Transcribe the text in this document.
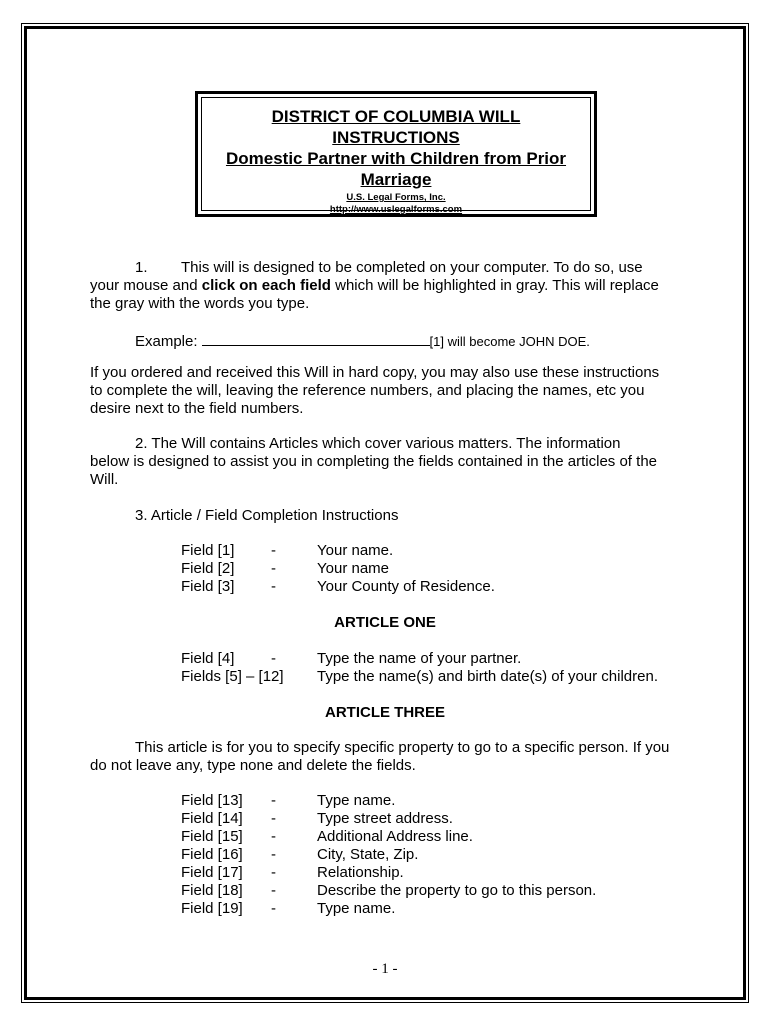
DISTRICT OF COLUMBIA WILL
INSTRUCTIONS
Domestic Partner with Children from Prior
Marriage
U.S. Legal Forms, Inc.
http://www.uslegalforms.com
1. This will is designed to be completed on your computer. To do so, use
your mouse and click on each field which will be highlighted in gray. This will replace
the gray with the words you type.
Example:	[1] will become JOHN DOE.
If you ordered and received this Will in hard copy, you may also use these instructions
to complete the will, leaving the reference numbers, and placing the names, etc you
desire next to the field numbers.
2. The Will contains Articles which cover various matters. The information
below is designed to assist you in completing the fields contained in the articles of the
Will.
3. Article / Field Completion Instructions
Field [1] -	Your name.
Field [2] -	Your name
Field [3] -	Your County of Residence.
ARTICLE ONE
Field [4] -	Type the name of your partner.
Fields [5] – [12] Type the name(s) and birth date(s) of your children.
ARTICLE THREE
This article is for you to specify specific property to go to a specific person. If you
do not leave any, type none and delete the fields.
Field [13] -	Type name.
Field [14] -	Type street address.
Field [15] -	Additional Address line.
Field [16] -	City, State, Zip.
Field [17] -	Relationship.
Field [18] -	Describe the property to go to this person.
Field [19] -	Type name.
- 1 -
